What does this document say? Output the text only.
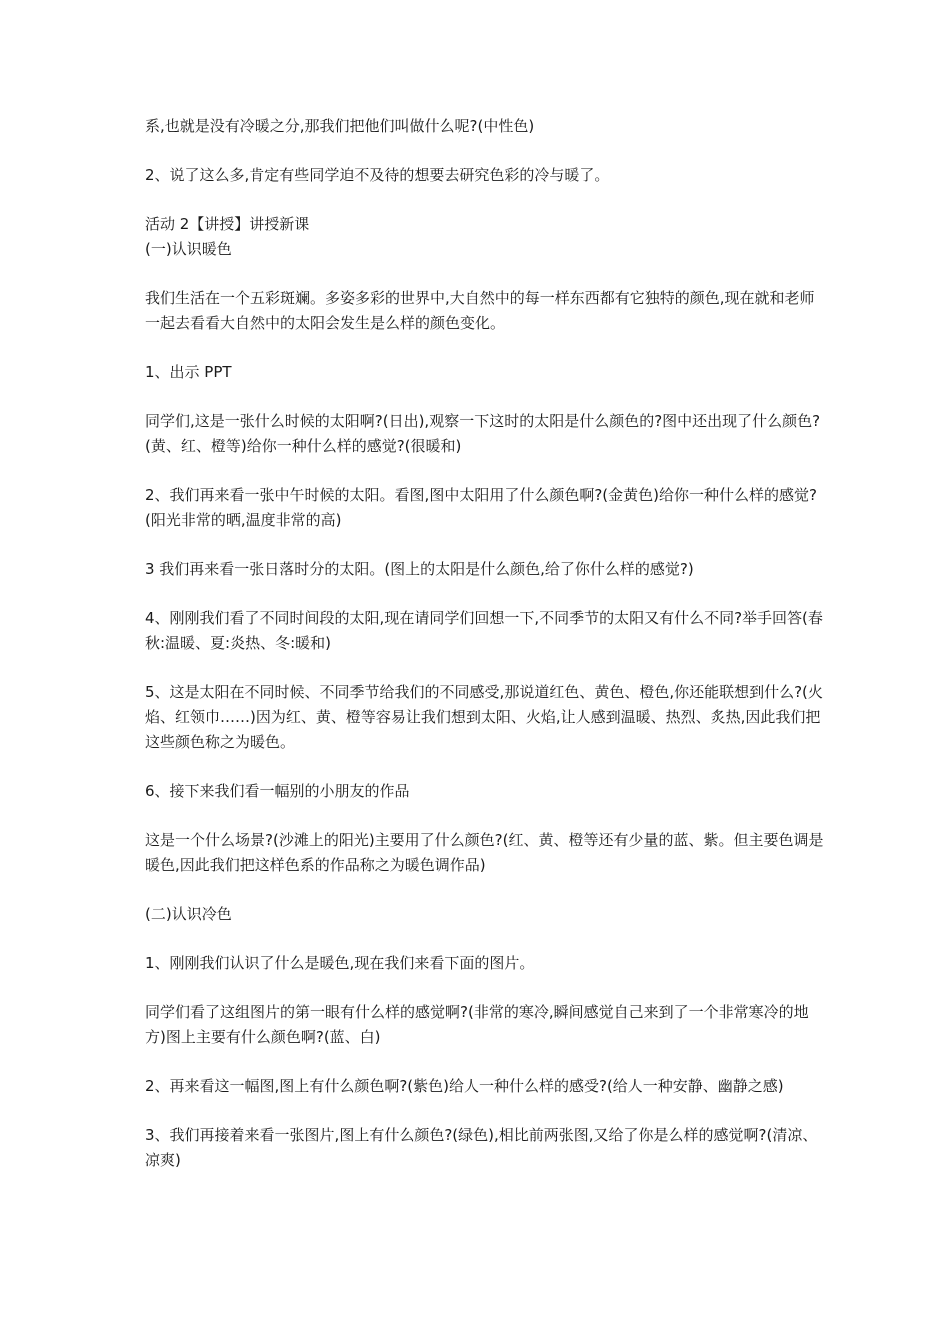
系,也就是没有冷暖之分,那我们把他们叫做什么呢?(中性色)

2、说了这么多,肯定有些同学迫不及待的想要去研究色彩的冷与暖了。

活动 2【讲授】讲授新课

(一)认识暖色

我们生活在一个五彩斑斓。多姿多彩的世界中,大自然中的每一样东西都有它独特的颜色,现在就和老师一起去看看大自然中的太阳会发生是么样的颜色变化。

1、出示 PPT

同学们,这是一张什么时候的太阳啊?(日出),观察一下这时的太阳是什么颜色的?图中还出现了什么颜色?(黄、红、橙等)给你一种什么样的感觉?(很暖和)

2、我们再来看一张中午时候的太阳。看图,图中太阳用了什么颜色啊?(金黄色)给你一种什么样的感觉?(阳光非常的晒,温度非常的高)

3 我们再来看一张日落时分的太阳。(图上的太阳是什么颜色,给了你什么样的感觉?)

4、刚刚我们看了不同时间段的太阳,现在请同学们回想一下,不同季节的太阳又有什么不同?举手回答(春秋:温暖、夏:炎热、冬:暖和)

5、这是太阳在不同时候、不同季节给我们的不同感受,那说道红色、黄色、橙色,你还能联想到什么?(火焰、红领巾……)因为红、黄、橙等容易让我们想到太阳、火焰,让人感到温暖、热烈、炙热,因此我们把这些颜色称之为暖色。

6、接下来我们看一幅别的小朋友的作品

这是一个什么场景?(沙滩上的阳光)主要用了什么颜色?(红、黄、橙等还有少量的蓝、紫。但主要色调是暖色,因此我们把这样色系的作品称之为暖色调作品)

(二)认识冷色

1、刚刚我们认识了什么是暖色,现在我们来看下面的图片。

同学们看了这组图片的第一眼有什么样的感觉啊?(非常的寒冷,瞬间感觉自己来到了一个非常寒冷的地方)图上主要有什么颜色啊?(蓝、白)

2、再来看这一幅图,图上有什么颜色啊?(紫色)给人一种什么样的感受?(给人一种安静、幽静之感)

3、我们再接着来看一张图片,图上有什么颜色?(绿色),相比前两张图,又给了你是么样的感觉啊?(清凉、凉爽)
